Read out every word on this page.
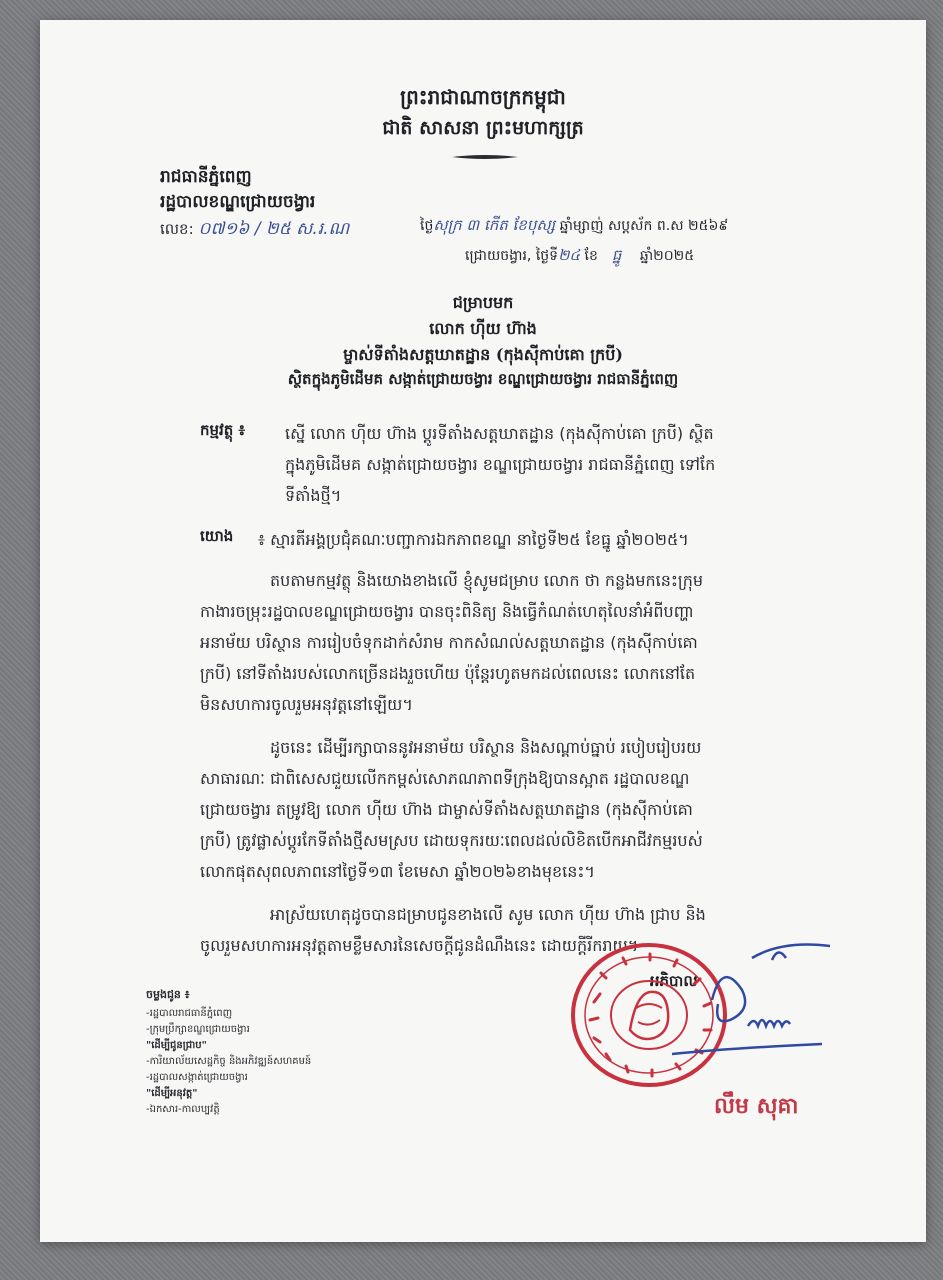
ព្រះរាជាណាចក្រកម្ពុជា
ជាតិ សាសនា ព្រះមហាក្សត្រ
រាជធានីភ្នំពេញ
រដ្ឋបាលខណ្ឌជ្រោយចង្វារ
លេខ: ០៧១៦ / ២៥ ស.រ.ណ	ថ្ងៃសុក្រ ៣ កើត ខែបុស្ស ឆ្នាំម្សាញ់ សប្តស័ក ព.ស ២៥៦៩
ជ្រោយចង្វារ, ថ្ងៃទី២៤ ខែ ធ្នូ ឆ្នាំ២០២៥
ជម្រាបមក
លោក ហ៊ីយ ហ៊ាង
ម្ចាស់ទីតាំងសត្តឃាតដ្ឋាន (កុងស៊ីកាប់គោ ក្របី)
ស្ថិតក្នុងភូមិដើមគ សង្កាត់ជ្រោយចង្វារ ខណ្ឌជ្រោយចង្វារ រាជធានីភ្នំពេញ
កម្មវត្ថុ ៖ ស្នើ លោក ហ៊ីយ ហ៊ាង ប្តូរទីតាំងសត្តឃាតដ្ឋាន (កុងស៊ីកាប់គោ ក្របី) ស្ថិត
ក្នុងភូមិដើមគ សង្កាត់ជ្រោយចង្វារ ខណ្ឌជ្រោយចង្វារ រាជធានីភ្នំពេញ ទៅកែ
ទីតាំងថ្មី។
យោង ៖ ស្មារតីអង្គប្រជុំគណៈបញ្ជាការឯកភាពខណ្ឌ នាថ្ងៃទី២៥ ខែធ្នូ ឆ្នាំ២០២៥។
តបតាមកម្មវត្ថុ និងយោងខាងលើ ខ្ញុំសូមជម្រាប លោក ថា កន្លងមកនេះក្រុម
កាងារចម្រុះរដ្ឋបាលខណ្ឌជ្រោយចង្វារ បានចុះពិនិត្យ និងធ្វើកំណត់ហេតុលៃនាំអំពីបញ្ហា
អនាម័យ បរិស្ថាន ការរៀបចំទុកដាក់សំរាម កាកសំណល់សត្តឃាតដ្ឋាន (កុងស៊ីកាប់គោ
ក្របី) នៅទីតាំងរបស់លោកច្រើនដងរួចហើយ ប៉ុន្តែរហូតមកដល់ពេលនេះ លោកនៅតែ
មិនសហការចូលរួមអនុវត្តនៅឡើយ។
ដូចនេះ ដើម្បីរក្សាបាននូវអនាម័យ បរិស្ថាន និងសណ្តាប់ធ្នាប់ របៀបរៀបរយ
សាធារណៈ ជាពិសេសជួយលើកកម្ពស់សោភណភាពទីក្រុងឱ្យបានស្អាត រដ្ឋបាលខណ្ឌ
ជ្រោយចង្វារ តម្រូវឱ្យ លោក ហ៊ីយ ហ៊ាង ជាម្ចាស់ទីតាំងសត្តឃាតដ្ឋាន (កុងស៊ីកាប់គោ
ក្របី) ត្រូវផ្លាស់ប្តូរកែទីតាំងថ្មីសមស្រប ដោយទុករយៈពេលដល់លិខិតបើកអាជីវកម្មរបស់
លោកផុតសុពលភាពនៅថ្ងៃទី១៣ ខែមេសា ឆ្នាំ២០២៦ខាងមុខនេះ។
អាស្រ័យហេតុដូចបានជម្រាបជូនខាងលើ សូម លោក ហ៊ីយ ហ៊ាង ជ្រាប និង
ចូលរួមសហការអនុវត្តតាមខ្លឹមសារនៃសេចក្តីជូនដំណឹងនេះ ដោយក្តីរីករាយ។
ចម្លងជូន ៖
-រដ្ឋបាលរាជធានីភ្នំពេញ
-ក្រុមប្រឹក្សាខណ្ឌជ្រោយចង្វារ
"ដើម្បីជូនជ្រាប"
-ការិយាល័យសេដ្ឋកិច្ច និងអភិវឌ្ឍន៍សហគមន៍
-រដ្ឋបាលសង្កាត់ជ្រោយចង្វារ
"ដើម្បីអនុវត្ត"
-ឯកសារ-កាលប្បវត្តិ
អភិបាល
លឹម សុគា
